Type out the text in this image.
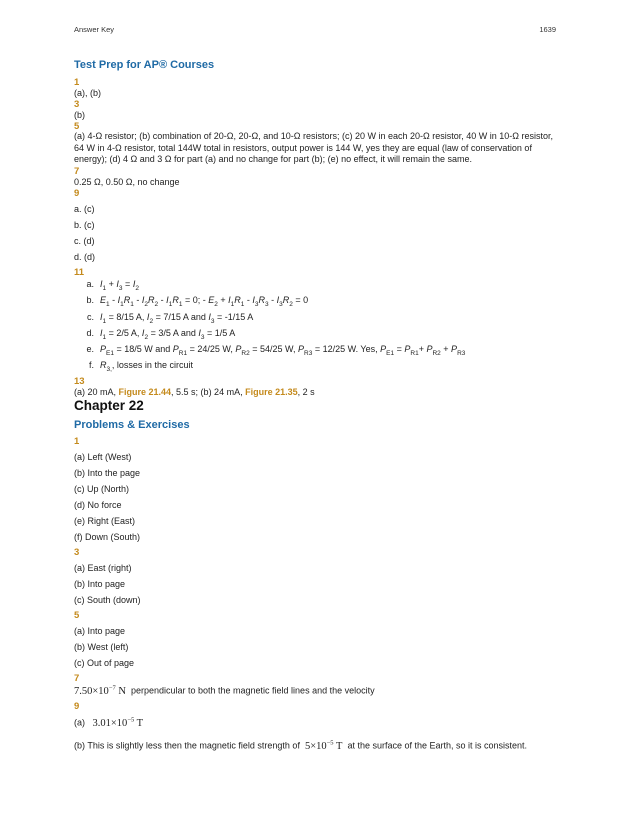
Answer Key	1639
Test Prep for AP® Courses
1
(a), (b)
3
(b)
5
(a) 4-Ω resistor; (b) combination of 20-Ω, 20-Ω, and 10-Ω resistors; (c) 20 W in each 20-Ω resistor, 40 W in 10-Ω resistor, 64 W in 4-Ω resistor, total 144W total in resistors, output power is 144 W, yes they are equal (law of conservation of energy); (d) 4 Ω and 3 Ω for part (a) and no change for part (b); (e) no effect, it will remain the same.
7
0.25 Ω, 0.50 Ω, no change
9
a. (c)
b. (c)
c. (d)
d. (d)
11
a. $I_1 + I_3 = I_2$
b. $E_1 - I_1R_1 - I_2R_2 - I_1R_1 = 0$; - $E_2 + I_1R_1 - I_3R_3 - I_3R_2 = 0$
c. $I_1 = 8/15$ A, $I_2 = 7/15$ A and $I_3 = -1/15$ A
d. $I_1 = 2/5$ A, $I_2 = 3/5$ A and $I_3 = 1/5$ A
e. $P_{E1} = 18/5$ W and $P_{R1} = 24/25$ W, $P_{R2} = 54/25$ W, $P_{R3} = 12/25$ W. Yes, $P_{E1} = P_{R1}+ P_{R2} + P_{R3}$
f. $R_{3,}$, losses in the circuit
13
(a) 20 mA, Figure 21.44, 5.5 s; (b) 24 mA, Figure 21.35, 2 s
Chapter 22
Problems & Exercises
1
(a) Left (West)
(b) Into the page
(c) Up (North)
(d) No force
(e) Right (East)
(f) Down (South)
3
(a) East (right)
(b) Into page
(c) South (down)
5
(a) Into page
(b) West (left)
(c) Out of page
7
$7.50\times 10^{-7}$ N perpendicular to both the magnetic field lines and the velocity
9
(a)   $3.01\times 10^{-5}$ T
(b) This is slightly less then the magnetic field strength of  $5\times 10^{-5}$ T  at the surface of the Earth, so it is consistent.
